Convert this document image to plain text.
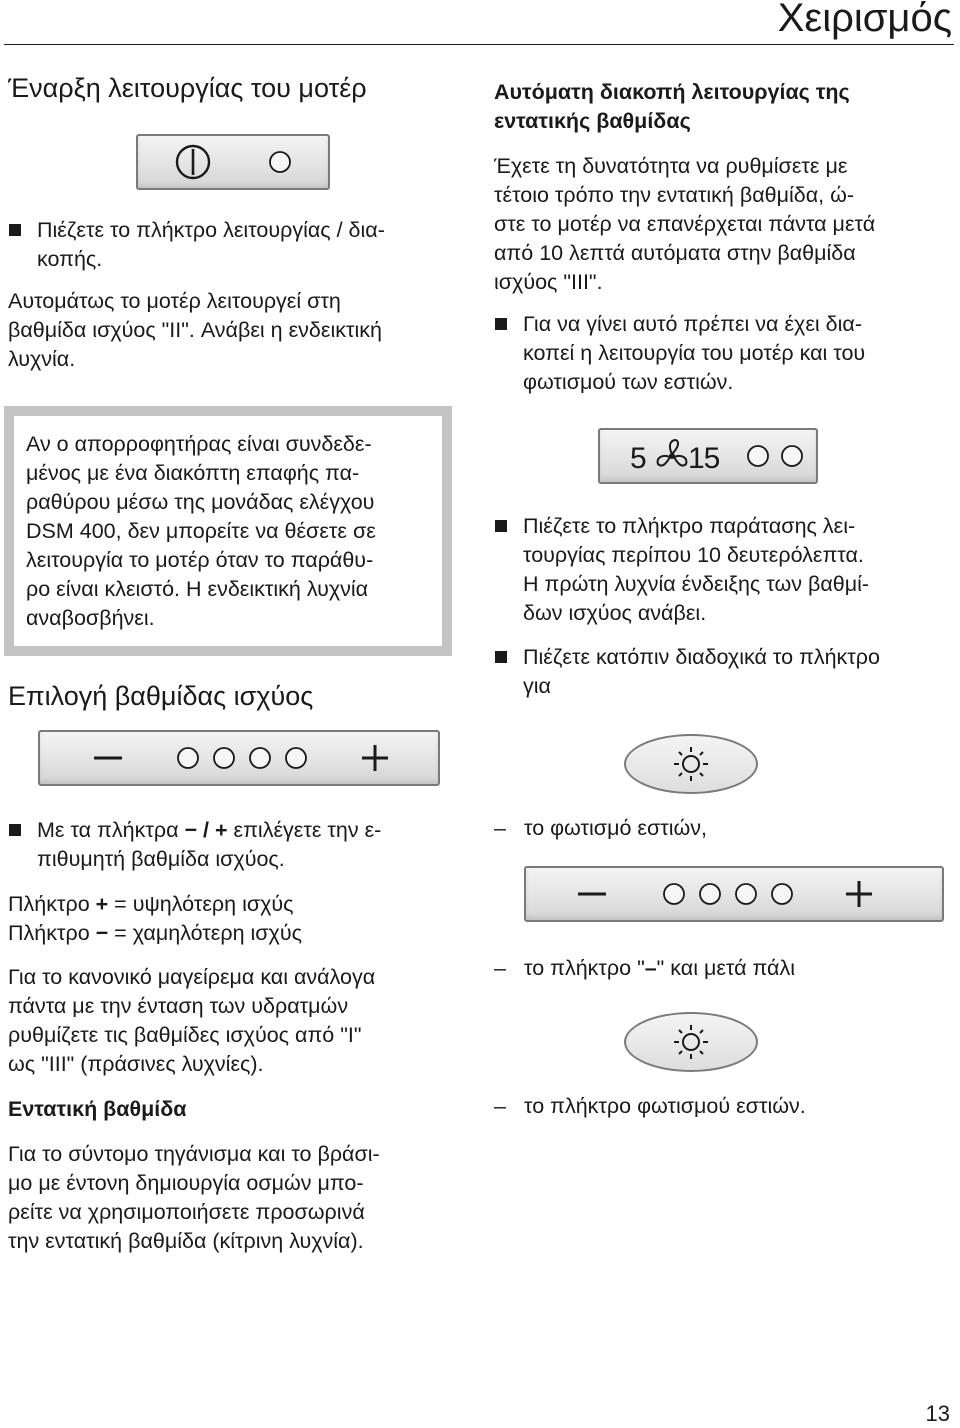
Χειρισμός
Έναρξη λειτουργίας του μοτέρ
Πιέζετε το πλήκτρο λειτουργίας / δια-
κοπής.
Αυτομάτως το μοτέρ λειτουργεί στη
βαθμίδα ισχύος "II". Ανάβει η ενδεικτική
λυχνία.
Αν ο απορροφητήρας είναι συνδεδε-
μένος με ένα διακόπτη επαφής πα-
ραθύρου μέσω της μονάδας ελέγχου
DSM 400, δεν μπορείτε να θέσετε σε
λειτουργία το μοτέρ όταν το παράθυ-
ρο είναι κλειστό. Η ενδεικτική λυχνία
αναβοσβήνει.
Επιλογή βαθμίδας ισχύος
Με τα πλήκτρα − / + επιλέγετε την ε-
πιθυμητή βαθμίδα ισχύος.
Πλήκτρο + = υψηλότερη ισχύς
Πλήκτρο − = χαμηλότερη ισχύς
Για το κανονικό μαγείρεμα και ανάλογα
πάντα με την ένταση των υδρατμών
ρυθμίζετε τις βαθμίδες ισχύος από "I"
ως "III" (πράσινες λυχνίες).
Εντατική βαθμίδα
Για το σύντομο τηγάνισμα και το βράσι-
μο με έντονη δημιουργία οσμών μπο-
ρείτε να χρησιμοποιήσετε προσωρινά
την εντατική βαθμίδα (κίτρινη λυχνία).
Αυτόματη διακοπή λειτουργίας της
εντατικής βαθμίδας
Έχετε τη δυνατότητα να ρυθμίσετε με
τέτοιο τρόπο την εντατική βαθμίδα, ώ-
στε το μοτέρ να επανέρχεται πάντα μετά
από 10 λεπτά αυτόματα στην βαθμίδα
ισχύος "III".
Για να γίνει αυτό πρέπει να έχει δια-
κοπεί η λειτουργία του μοτέρ και του
φωτισμού των εστιών.
5 15
Πιέζετε το πλήκτρο παράτασης λει-
τουργίας περίπου 10 δευτερόλεπτα.
Η πρώτη λυχνία ένδειξης των βαθμί-
δων ισχύος ανάβει.
Πιέζετε κατόπιν διαδοχικά το πλήκτρο
για
– το φωτισμό εστιών,
– το πλήκτρο "–" και μετά πάλι
– το πλήκτρο φωτισμού εστιών.
13
